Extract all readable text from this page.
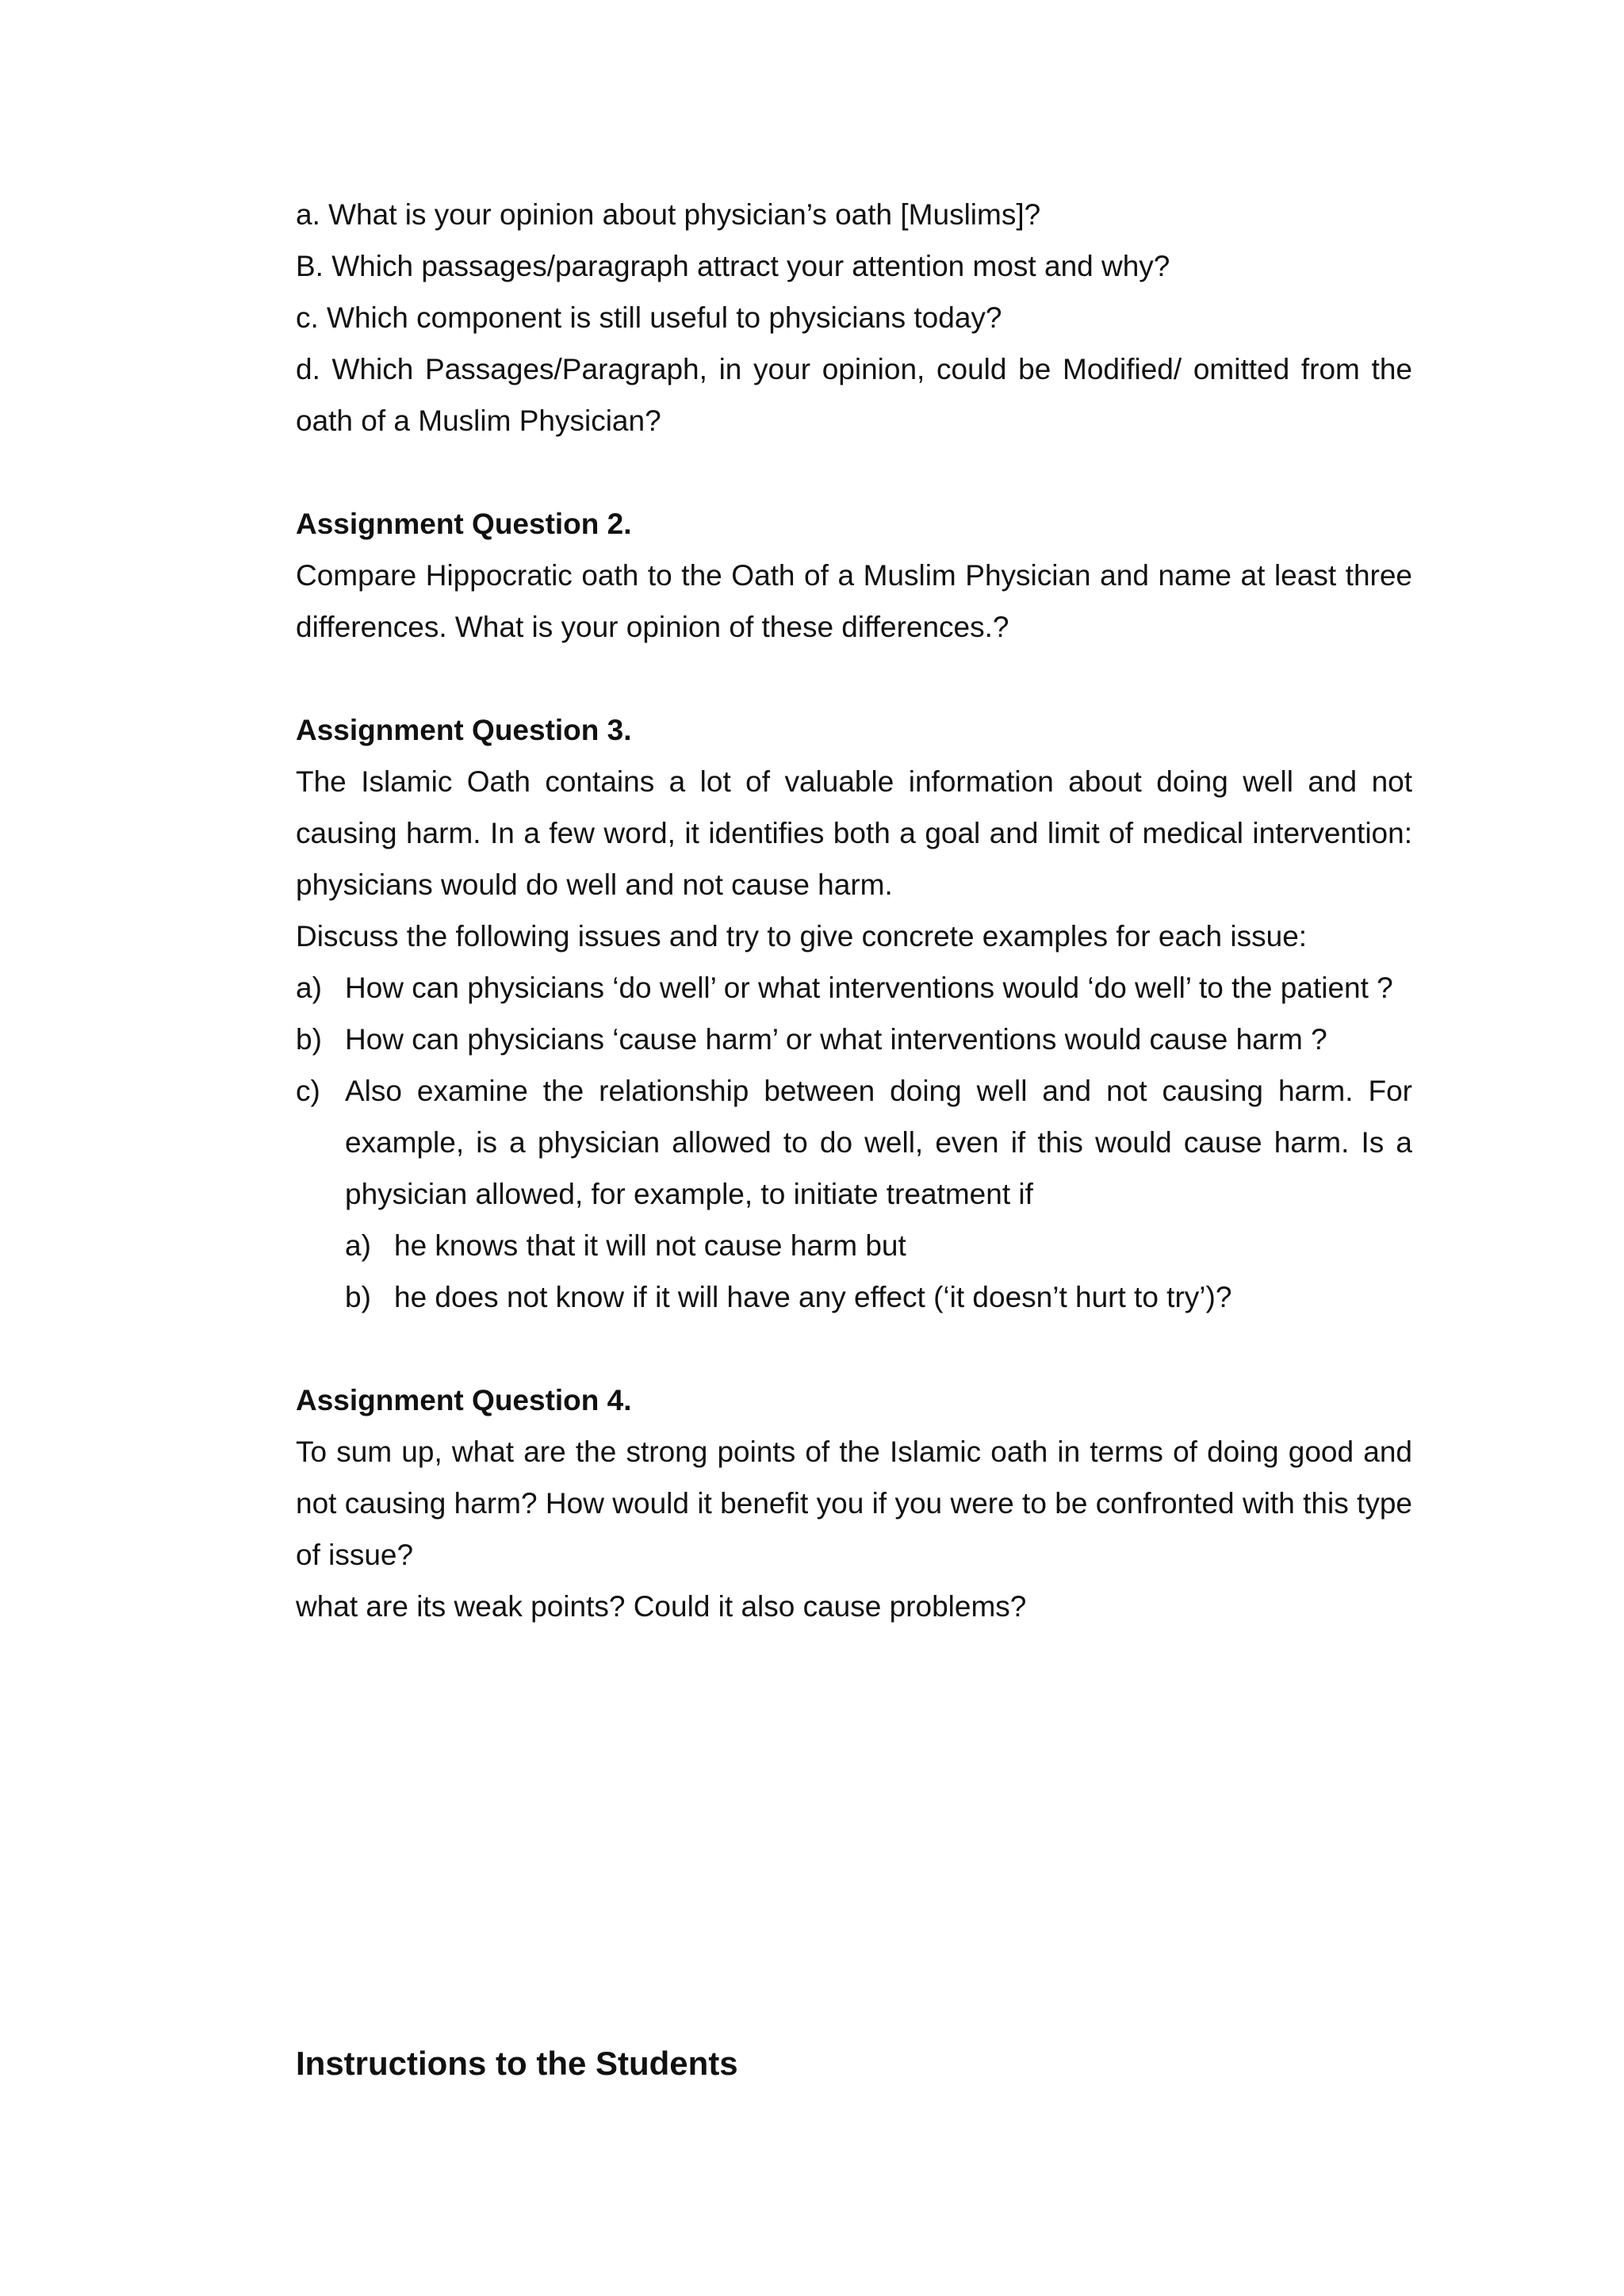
a. What is your opinion about physician’s oath [Muslims]?

B. Which passages/paragraph attract your attention most and why?

c. Which component is still useful to physicians today?

d. Which Passages/Paragraph, in your opinion, could be Modified/ omitted from the oath of a Muslim Physician?

Assignment Question 2.

Compare Hippocratic oath to the Oath of a Muslim Physician and name at least three differences. What is your opinion of these differences.?

Assignment Question 3.

The Islamic Oath contains a lot of valuable information about doing well and not causing harm. In a few word, it identifies both a goal and limit of medical intervention: physicians would do well and not cause harm.

Discuss the following issues and try to give concrete examples for each issue:

a) How can physicians ‘do well’ or what interventions would ‘do well’ to the patient ?
b) How can physicians ‘cause harm’ or what interventions would cause harm ?
c) Also examine the relationship between doing well and not causing harm. For example, is a physician allowed to do well, even if this would cause harm. Is a physician allowed, for example, to initiate treatment if
a) he knows that it will not cause harm but
b) he does not know if it will have any effect (‘it doesn’t hurt to try’)?

Assignment Question 4.

To sum up, what are the strong points of the Islamic oath in terms of doing good and not causing harm? How would it benefit you if you were to be confronted with this type of issue?

what are its weak points? Could it also cause problems?

Instructions to the Students
